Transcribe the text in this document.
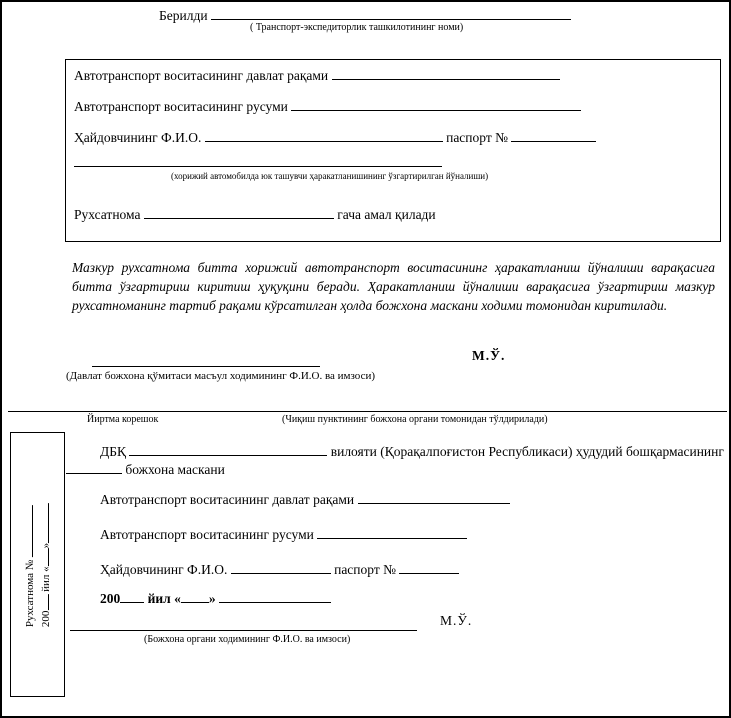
Берилди
( Транспорт-экспедиторлик ташкилотининг номи)
Автотранспорт воситасининг давлат рақами
Автотранспорт воситасининг русуми
Ҳайдовчининг Ф.И.О.	паспорт №
(хорижий автомобилда юк ташувчи ҳаракатланишининг ўзгартирилган йўналиши)
Рухсатнома	гача амал қилади
Мазкур рухсатнома битта хорижий автотранспорт воситасининг ҳаракатланиш йўналиши варақасига битта ўзгартириш киритиш ҳуқуқини беради. Ҳаракатланиш йўналиши варақасига ўзгартириш мазкур рухсатноманинг тартиб рақами кўрсатилган ҳолда божхона маскани ходими томонидан киритилади.
М.Ў.
(Давлат божхона қўмитаси масъул ходимининг Ф.И.О. ва имзоси)
Йиртма корешок	(Чиқиш пунктининг божхона органи томонидан тўлдирилади)
Рухсатнома № 200 йил «»
ДБҚ	вилояти (Қорақалпоғистон Республикаси) ҳудудий бошқармасининг
божхона маскани
Автотранспорт воситасининг давлат рақами
Автотранспорт воситасининг русуми
Ҳайдовчининг Ф.И.О.	паспорт №
200 йил « »
(Божхона органи ходимининг Ф.И.О. ва имзоси)
М.Ў.
